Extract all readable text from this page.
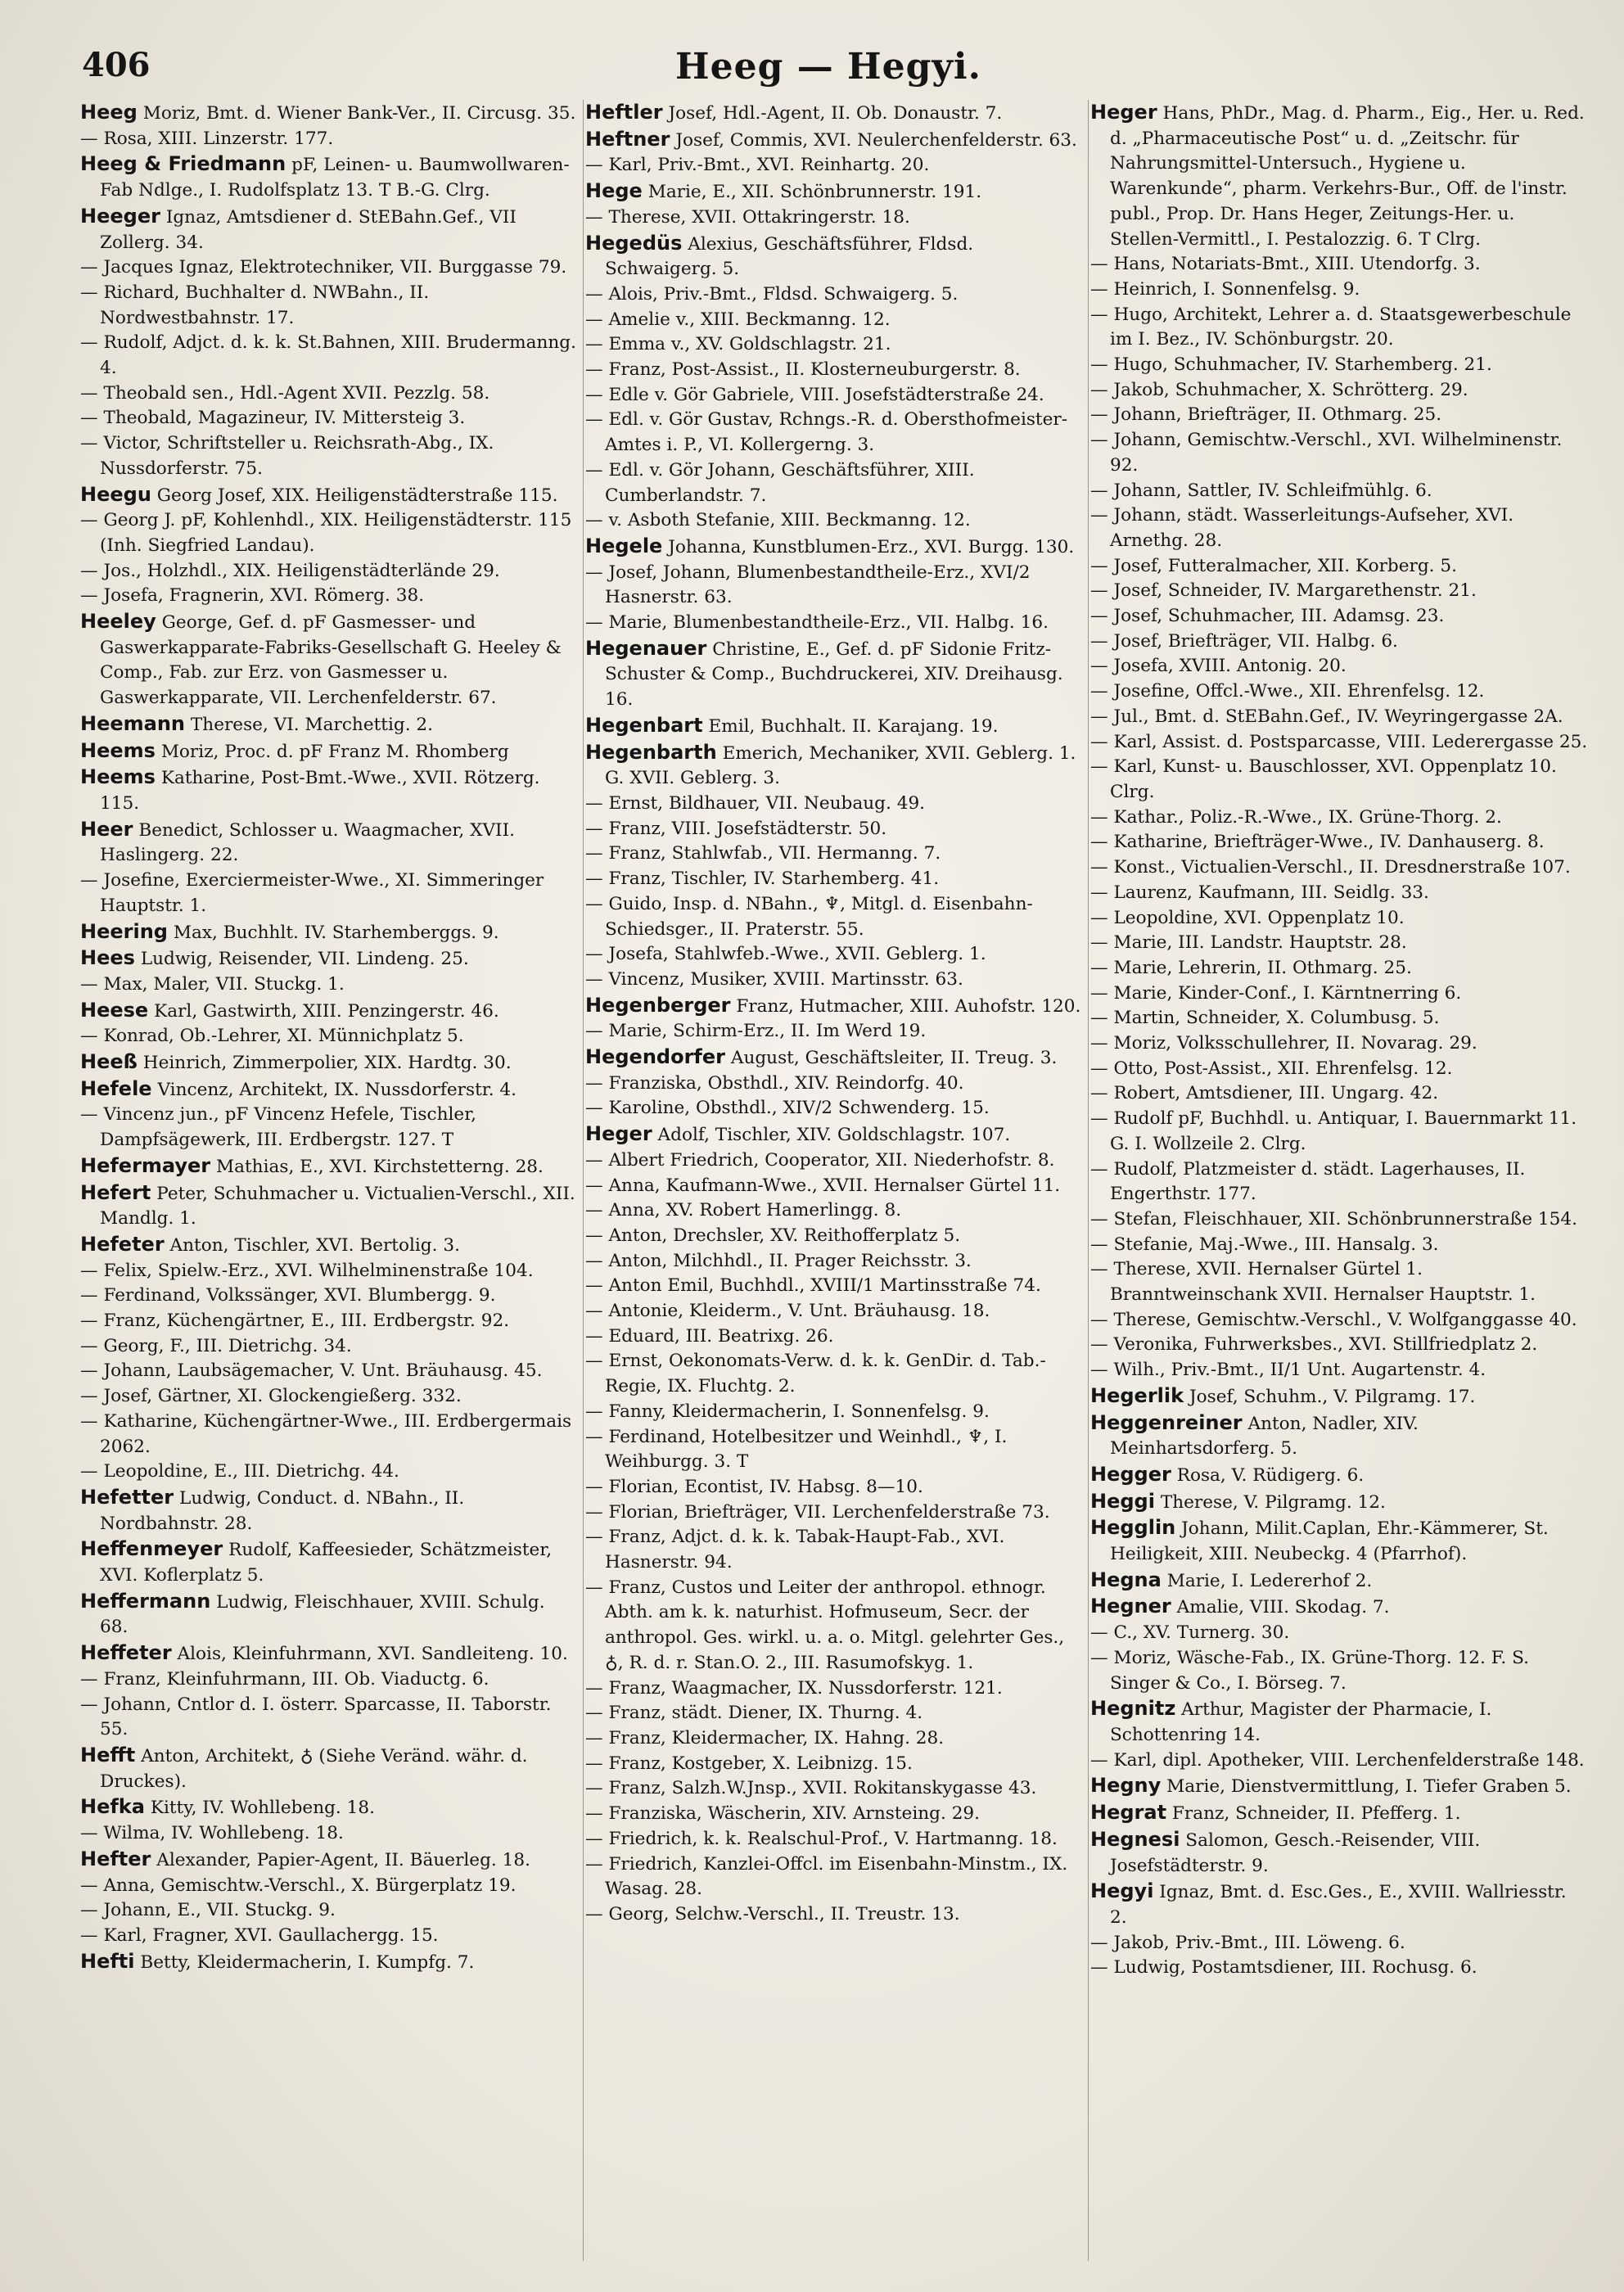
406	Heeg — Hegyi.

Heeg Moriz, Bmt. d. Wiener Bank-Ver., II. Circusg. 35.

— Rosa, XIII. Linzerstr. 177.

Heeg & Friedmann pF, Leinen- u. Baumwollwaren-Fab Ndlge., I. Rudolfsplatz 13. T B.-G. Clrg.

Heeger Ignaz, Amtsdiener d. StEBahn.Gef., VII Zollerg. 34.

— Jacques Ignaz, Elektrotechniker, VII. Burggasse 79.

— Richard, Buchhalter d. NWBahn., II. Nordwestbahnstr. 17.

— Rudolf, Adjct. d. k. k. St.Bahnen, XIII. Brudermanng. 4.

— Theobald sen., Hdl.-Agent XVII. Pezzlg. 58.

— Theobald, Magazineur, IV. Mittersteig 3.

— Victor, Schriftsteller u. Reichsrath-Abg., IX. Nussdorferstr. 75.

Heegu Georg Josef, XIX. Heiligenstädterstraße 115.

— Georg J. pF, Kohlenhdl., XIX. Heiligenstädterstr. 115 (Inh. Siegfried Landau).

— Jos., Holzhdl., XIX. Heiligenstädterlände 29.

— Josefa, Fragnerin, XVI. Römerg. 38.

Heeley George, Gef. d. pF Gasmesser- und Gaswerkapparate-Fabriks-Gesellschaft G. Heeley & Comp., Fab. zur Erz. von Gasmesser u. Gaswerkapparate, VII. Lerchenfelderstr. 67.

Heemann Therese, VI. Marchettig. 2.

Heems Moriz, Proc. d. pF Franz M. Rhomberg

Heems Katharine, Post-Bmt.-Wwe., XVII. Rötzerg. 115.

Heer Benedict, Schlosser u. Waagmacher, XVII. Haslingerg. 22.

— Josefine, Exerciermeister-Wwe., XI. Simmeringer Hauptstr. 1.

Heering Max, Buchhlt. IV. Starhemberggs. 9.

Hees Ludwig, Reisender, VII. Lindeng. 25.

— Max, Maler, VII. Stuckg. 1.

Heese Karl, Gastwirth, XIII. Penzingerstr. 46.

— Konrad, Ob.-Lehrer, XI. Münnichplatz 5.

Heeß Heinrich, Zimmerpolier, XIX. Hardtg. 30.

Hefele Vincenz, Architekt, IX. Nussdorferstr. 4.

— Vincenz jun., pF Vincenz Hefele, Tischler, Dampfsägewerk, III. Erdbergstr. 127. T

Hefermayer Mathias, E., XVI. Kirchstetterng. 28.

Hefert Peter, Schuhmacher u. Victualien-Verschl., XII. Mandlg. 1.

Hefeter Anton, Tischler, XVI. Bertolig. 3.

— Felix, Spielw.-Erz., XVI. Wilhelminenstraße 104.

— Ferdinand, Volkssänger, XVI. Blumbergg. 9.

— Franz, Küchengärtner, E., III. Erdbergstr. 92.

— Georg, F., III. Dietrichg. 34.

— Johann, Laubsägemacher, V. Unt. Bräuhausg. 45.

— Josef, Gärtner, XI. Glockengießerg. 332.

— Katharine, Küchengärtner-Wwe., III. Erdbergermais 2062.

— Leopoldine, E., III. Dietrichg. 44.

Hefetter Ludwig, Conduct. d. NBahn., II. Nordbahnstr. 28.

Heffenmeyer Rudolf, Kaffeesieder, Schätzmeister, XVI. Koflerplatz 5.

Heffermann Ludwig, Fleischhauer, XVIII. Schulg. 68.

Heffeter Alois, Kleinfuhrmann, XVI. Sandleiteng. 10.

— Franz, Kleinfuhrmann, III. Ob. Viaductg. 6.

— Johann, Cntlor d. I. österr. Sparcasse, II. Taborstr. 55.

Hefft Anton, Architekt, ♁ (Siehe Veränd. währ. d. Druckes).

Hefka Kitty, IV. Wohllebeng. 18.

— Wilma, IV. Wohllebeng. 18.

Hefter Alexander, Papier-Agent, II. Bäuerleg. 18.

— Anna, Gemischtw.-Verschl., X. Bürgerplatz 19.

— Johann, E., VII. Stuckg. 9.

— Karl, Fragner, XVI. Gaullachergg. 15.

Hefti Betty, Kleidermacherin, I. Kumpfg. 7.

Heftler Josef, Hdl.-Agent, II. Ob. Donaustr. 7.

Heftner Josef, Commis, XVI. Neulerchenfelderstr. 63.

— Karl, Priv.-Bmt., XVI. Reinhartg. 20.

Hege Marie, E., XII. Schönbrunnerstr. 191.

— Therese, XVII. Ottakringerstr. 18.

Hegedüs Alexius, Geschäftsführer, Fldsd. Schwaigerg. 5.

— Alois, Priv.-Bmt., Fldsd. Schwaigerg. 5.

— Amelie v., XIII. Beckmanng. 12.

— Emma v., XV. Goldschlagstr. 21.

— Franz, Post-Assist., II. Klosterneuburgerstr. 8.

— Edle v. Gör Gabriele, VIII. Josefstädterstraße 24.

— Edl. v. Gör Gustav, Rchngs.-R. d. Obersthofmeister-Amtes i. P., VI. Kollergerng. 3.

— Edl. v. Gör Johann, Geschäftsführer, XIII. Cumberlandstr. 7.

— v. Asboth Stefanie, XIII. Beckmanng. 12.

Hegele Johanna, Kunstblumen-Erz., XVI. Burgg. 130.

— Josef, Johann, Blumenbestandtheile-Erz., XVI/2 Hasnerstr. 63.

— Marie, Blumenbestandtheile-Erz., VII. Halbg. 16.

Hegenauer Christine, E., Gef. d. pF Sidonie Fritz-Schuster & Comp., Buchdruckerei, XIV. Dreihausg. 16.

Hegenbart Emil, Buchhalt. II. Karajang. 19.

Hegenbarth Emerich, Mechaniker, XVII. Geblerg. 1. G. XVII. Geblerg. 3.

— Ernst, Bildhauer, VII. Neubaug. 49.

— Franz, VIII. Josefstädterstr. 50.

— Franz, Stahlwfab., VII. Hermanng. 7.

— Franz, Tischler, IV. Starhemberg. 41.

— Guido, Insp. d. NBahn., ♆, Mitgl. d. Eisenbahn-Schiedsger., II. Praterstr. 55.

— Josefa, Stahlwfeb.-Wwe., XVII. Geblerg. 1.

— Vincenz, Musiker, XVIII. Martinsstr. 63.

Hegenberger Franz, Hutmacher, XIII. Auhofstr. 120.

— Marie, Schirm-Erz., II. Im Werd 19.

Hegendorfer August, Geschäftsleiter, II. Treug. 3.

— Franziska, Obsthdl., XIV. Reindorfg. 40.

— Karoline, Obsthdl., XIV/2 Schwenderg. 15.

Heger Adolf, Tischler, XIV. Goldschlagstr. 107.

— Albert Friedrich, Cooperator, XII. Niederhofstr. 8.

— Anna, Kaufmann-Wwe., XVII. Hernalser Gürtel 11.

— Anna, XV. Robert Hamerlingg. 8.

— Anton, Drechsler, XV. Reithofferplatz 5.

— Anton, Milchhdl., II. Prager Reichsstr. 3.

— Anton Emil, Buchhdl., XVIII/1 Martinsstraße 74.

— Antonie, Kleiderm., V. Unt. Bräuhausg. 18.

— Eduard, III. Beatrixg. 26.

— Ernst, Oekonomats-Verw. d. k. k. GenDir. d. Tab.-Regie, IX. Fluchtg. 2.

— Fanny, Kleidermacherin, I. Sonnenfelsg. 9.

— Ferdinand, Hotelbesitzer und Weinhdl., ♆, I. Weihburgg. 3. T

— Florian, Econtist, IV. Habsg. 8—10.

— Florian, Briefträger, VII. Lerchenfelderstraße 73.

— Franz, Adjct. d. k. k. Tabak-Haupt-Fab., XVI. Hasnerstr. 94.

— Franz, Custos und Leiter der anthropol. ethnogr. Abth. am k. k. naturhist. Hofmuseum, Secr. der anthropol. Ges. wirkl. u. a. o. Mitgl. gelehrter Ges., ♁, R. d. r. Stan.O. 2., III. Rasumofskyg. 1.

— Franz, Waagmacher, IX. Nussdorferstr. 121.

— Franz, städt. Diener, IX. Thurng. 4.

— Franz, Kleidermacher, IX. Hahng. 28.

— Franz, Kostgeber, X. Leibnizg. 15.

— Franz, Salzh.W.Jnsp., XVII. Rokitanskygasse 43.

— Franziska, Wäscherin, XIV. Arnsteing. 29.

— Friedrich, k. k. Realschul-Prof., V. Hartmanng. 18.

— Friedrich, Kanzlei-Offcl. im Eisenbahn-Minstm., IX. Wasag. 28.

— Georg, Selchw.-Verschl., II. Treustr. 13.

Heger Hans, PhDr., Mag. d. Pharm., Eig., Her. u. Red. d. „Pharmaceutische Post“ u. d. „Zeitschr. für Nahrungsmittel-Untersuch., Hygiene u. Warenkunde“, pharm. Verkehrs-Bur., Off. de l'instr. publ., Prop. Dr. Hans Heger, Zeitungs-Her. u. Stellen-Vermittl., I. Pestalozzig. 6. T Clrg.

— Hans, Notariats-Bmt., XIII. Utendorfg. 3.

— Heinrich, I. Sonnenfelsg. 9.

— Hugo, Architekt, Lehrer a. d. Staatsgewerbeschule im I. Bez., IV. Schönburgstr. 20.

— Hugo, Schuhmacher, IV. Starhemberg. 21.

— Jakob, Schuhmacher, X. Schrötterg. 29.

— Johann, Briefträger, II. Othmarg. 25.

— Johann, Gemischtw.-Verschl., XVI. Wilhelminenstr. 92.

— Johann, Sattler, IV. Schleifmühlg. 6.

— Johann, städt. Wasserleitungs-Aufseher, XVI. Arnethg. 28.

— Josef, Futteralmacher, XII. Korberg. 5.

— Josef, Schneider, IV. Margarethenstr. 21.

— Josef, Schuhmacher, III. Adamsg. 23.

— Josef, Briefträger, VII. Halbg. 6.

— Josefa, XVIII. Antonig. 20.

— Josefine, Offcl.-Wwe., XII. Ehrenfelsg. 12.

— Jul., Bmt. d. StEBahn.Gef., IV. Weyringergasse 2A.

— Karl, Assist. d. Postsparcasse, VIII. Lederergasse 25.

— Karl, Kunst- u. Bauschlosser, XVI. Oppenplatz 10. Clrg.

— Kathar., Poliz.-R.-Wwe., IX. Grüne-Thorg. 2.

— Katharine, Briefträger-Wwe., IV. Danhauserg. 8.

— Konst., Victualien-Verschl., II. Dresdnerstraße 107.

— Laurenz, Kaufmann, III. Seidlg. 33.

— Leopoldine, XVI. Oppenplatz 10.

— Marie, III. Landstr. Hauptstr. 28.

— Marie, Lehrerin, II. Othmarg. 25.

— Marie, Kinder-Conf., I. Kärntnerring 6.

— Martin, Schneider, X. Columbusg. 5.

— Moriz, Volksschullehrer, II. Novarag. 29.

— Otto, Post-Assist., XII. Ehrenfelsg. 12.

— Robert, Amtsdiener, III. Ungarg. 42.

— Rudolf pF, Buchhdl. u. Antiquar, I. Bauernmarkt 11. G. I. Wollzeile 2. Clrg.

— Rudolf, Platzmeister d. städt. Lagerhauses, II. Engerthstr. 177.

— Stefan, Fleischhauer, XII. Schönbrunnerstraße 154.

— Stefanie, Maj.-Wwe., III. Hansalg. 3.

— Therese, XVII. Hernalser Gürtel 1. Branntweinschank XVII. Hernalser Hauptstr. 1.

— Therese, Gemischtw.-Verschl., V. Wolfganggasse 40.

— Veronika, Fuhrwerksbes., XVI. Stillfriedplatz 2.

— Wilh., Priv.-Bmt., II/1 Unt. Augartenstr. 4.

Hegerlik Josef, Schuhm., V. Pilgramg. 17.

Heggenreiner Anton, Nadler, XIV. Meinhartsdorferg. 5.

Hegger Rosa, V. Rüdigerg. 6.

Heggi Therese, V. Pilgramg. 12.

Hegglin Johann, Milit.Caplan, Ehr.-Kämmerer, St. Heiligkeit, XIII. Neubeckg. 4 (Pfarrhof).

Hegna Marie, I. Ledererhof 2.

Hegner Amalie, VIII. Skodag. 7.

— C., XV. Turnerg. 30.

— Moriz, Wäsche-Fab., IX. Grüne-Thorg. 12. F. S. Singer & Co., I. Börseg. 7.

Hegnitz Arthur, Magister der Pharmacie, I. Schottenring 14.

— Karl, dipl. Apotheker, VIII. Lerchenfelderstraße 148.

Hegny Marie, Dienstvermittlung, I. Tiefer Graben 5.

Hegrat Franz, Schneider, II. Pfefferg. 1.

Hegnesi Salomon, Gesch.-Reisender, VIII. Josefstädterstr. 9.

Hegyi Ignaz, Bmt. d. Esc.Ges., E., XVIII. Wallriesstr. 2.

— Jakob, Priv.-Bmt., III. Löweng. 6.

— Ludwig, Postamtsdiener, III. Rochusg. 6.
